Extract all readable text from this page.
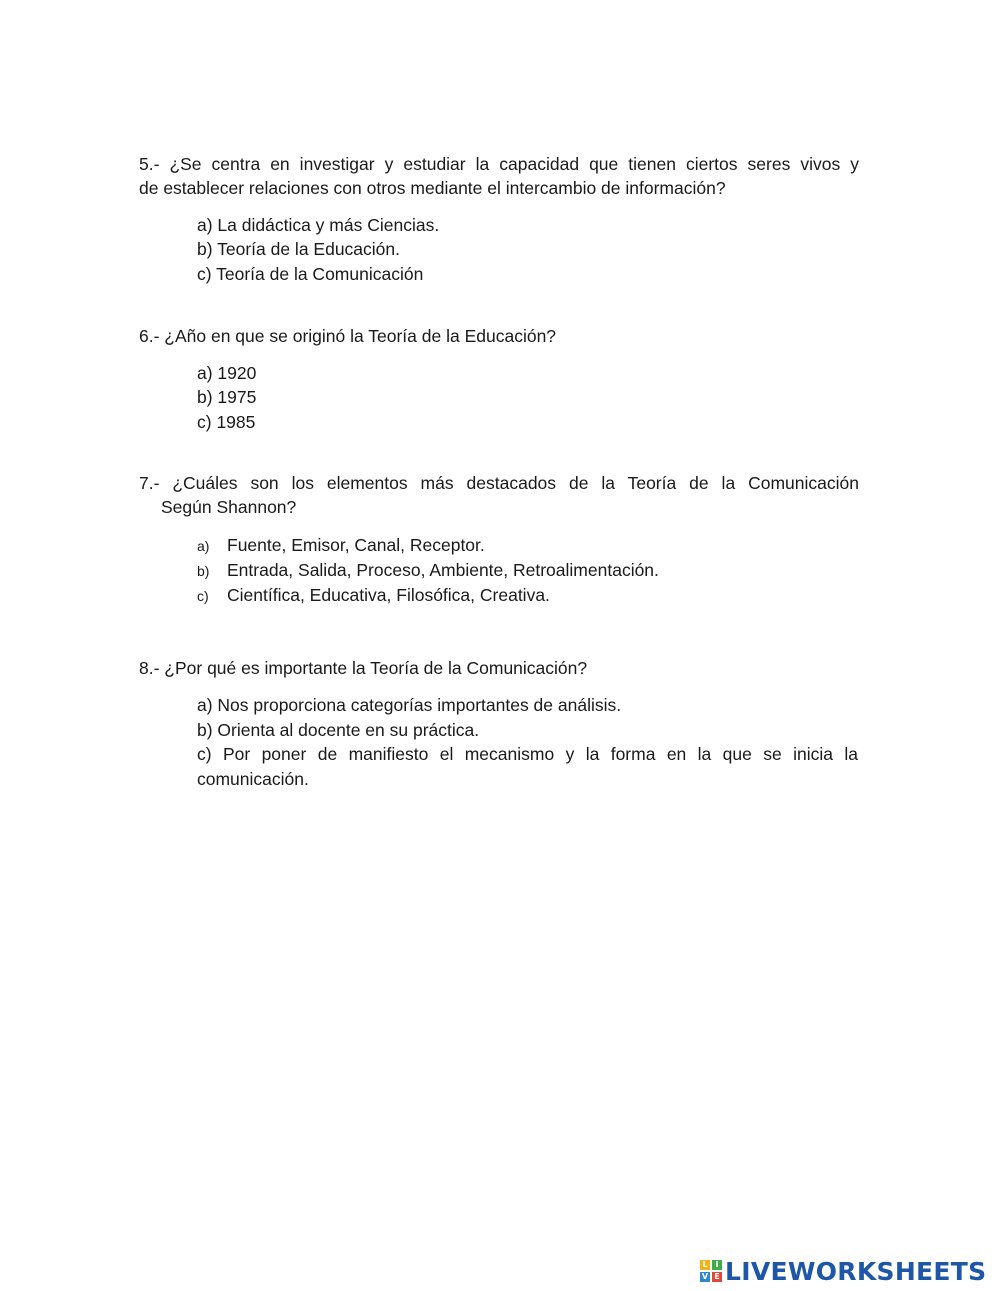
5.- ¿Se centra en investigar y estudiar la capacidad que tienen ciertos seres vivos y
de establecer relaciones con otros mediante el intercambio de información?
a) La didáctica y más Ciencias.
b) Teoría de la Educación.
c) Teoría de la Comunicación
6.- ¿Año en que se originó la Teoría de la Educación?
a) 1920
b) 1975
c) 1985
7.- ¿Cuáles son los elementos más destacados de la Teoría de la Comunicación
Según Shannon?
a) Fuente, Emisor, Canal, Receptor.
b) Entrada, Salida, Proceso, Ambiente, Retroalimentación.
c) Científica, Educativa, Filosófica, Creativa.
8.- ¿Por qué es importante la Teoría de la Comunicación?
a) Nos proporciona categorías importantes de análisis.
b) Orienta al docente en su práctica.
c) Por poner de manifiesto el mecanismo y la forma en la que se inicia la
comunicación.
L I
V E LIVEWORKSHEETS
